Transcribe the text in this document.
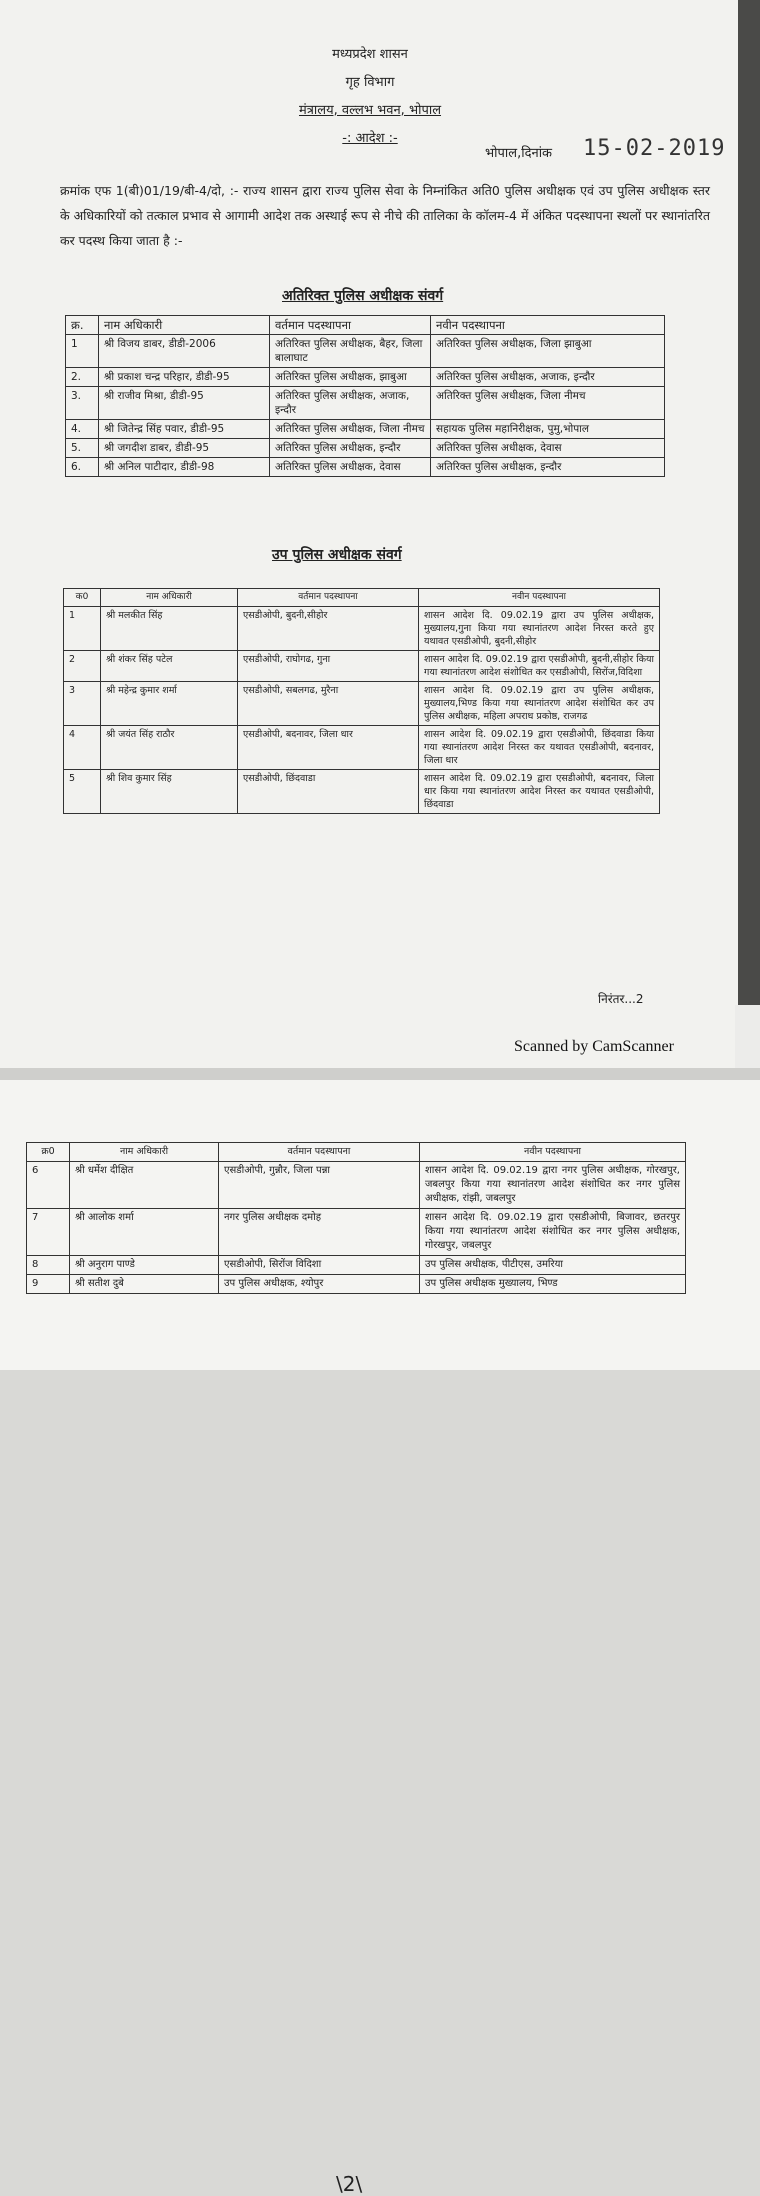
मध्यप्रदेश शासन
गृह विभाग
मंत्रालय, वल्लभ भवन, भोपाल
-: आदेश :-
भोपाल,दिनांक 15-02-2019
क्रमांक एफ 1(बी)01/19/बी-4/दो, :- राज्य शासन द्वारा राज्य पुलिस सेवा के निम्नांकित अति0 पुलिस अधीक्षक एवं उप पुलिस अधीक्षक स्तर के अधिकारियों को तत्काल प्रभाव से आगामी आदेश तक अस्थाई रूप से नीचे की तालिका के कॉलम-4 में अंकित पदस्थापना स्थलों पर स्थानांतरित कर पदस्थ किया जाता है :-
अतिरिक्त पुलिस अधीक्षक संवर्ग
क्र.	नाम अधिकारी	वर्तमान पदस्थापना	नवीन पदस्थापना
1	श्री विजय डाबर, डीडी-2006	अतिरिक्त पुलिस अधीक्षक, बैहर, जिला बालाघाट	अतिरिक्त पुलिस अधीक्षक, जिला झाबुआ
2.	श्री प्रकाश चन्द्र परिहार, डीडी-95	अतिरिक्त पुलिस अधीक्षक, झाबुआ	अतिरिक्त पुलिस अधीक्षक, अजाक, इन्दौर
3.	श्री राजीव मिश्रा, डीडी-95	अतिरिक्त पुलिस अधीक्षक, अजाक, इन्दौर	अतिरिक्त पुलिस अधीक्षक, जिला नीमच
4.	श्री जितेन्द्र सिंह पवार, डीडी-95	अतिरिक्त पुलिस अधीक्षक, जिला नीमच	सहायक पुलिस महानिरीक्षक, पुमु,भोपाल
5.	श्री जगदीश डाबर, डीडी-95	अतिरिक्त पुलिस अधीक्षक, इन्दौर	अतिरिक्त पुलिस अधीक्षक, देवास
6.	श्री अनिल पाटीदार, डीडी-98	अतिरिक्त पुलिस अधीक्षक, देवास	अतिरिक्त पुलिस अधीक्षक, इन्दौर
उप पुलिस अधीक्षक संवर्ग
क0	नाम अधिकारी	वर्तमान पदस्थापना	नवीन पदस्थापना
1	श्री मलकीत सिंह	एसडीओपी, बुदनी,सीहोर	शासन आदेश दि. 09.02.19 द्वारा उप पुलिस अधीक्षक, मुख्यालय,गुना किया गया स्थानांतरण आदेश निरस्त करते हुए यथावत एसडीओपी, बुदनी,सीहोर
2	श्री शंकर सिंह पटेल	एसडीओपी, राघोगढ, गुना	शासन आदेश दि. 09.02.19 द्वारा एसडीओपी, बुदनी,सीहोर किया गया स्थानांतरण आदेश संशोधित कर एसडीओपी, सिरोंज,विदिशा
3	श्री महेन्द्र कुमार शर्मा	एसडीओपी, सबलगढ, मुरैना	शासन आदेश दि. 09.02.19 द्वारा उप पुलिस अधीक्षक, मुख्यालय,भिण्ड किया गया स्थानांतरण आदेश संशोधित कर उप पुलिस अधीक्षक, महिला अपराध प्रकोष्ठ, राजगढ
4	श्री जयंत सिंह राठौर	एसडीओपी, बदनावर, जिला धार	शासन आदेश दि. 09.02.19 द्वारा एसडीओपी, छिंदवाडा किया गया स्थानांतरण आदेश निरस्त कर यथावत एसडीओपी, बदनावर, जिला धार
5	श्री शिव कुमार सिंह	एसडीओपी, छिंदवाडा	शासन आदेश दि. 09.02.19 द्वारा एसडीओपी, बदनावर, जिला धार किया गया स्थानांतरण आदेश निरस्त कर यथावत एसडीओपी, छिंदवाडा
निरंतर...2
Scanned by CamScanner
\2\
क्र0	नाम अधिकारी	वर्तमान पदस्थापना	नवीन पदस्थापना
6	श्री धर्मेश दीक्षित	एसडीओपी, गुन्नौर, जिला पन्ना	शासन आदेश दि. 09.02.19 द्वारा नगर पुलिस अधीक्षक, गोरखपुर, जबलपुर किया गया स्थानांतरण आदेश संशोधित कर नगर पुलिस अधीक्षक, रांझी, जबलपुर
7	श्री आलोक शर्मा	नगर पुलिस अधीक्षक दमोह	शासन आदेश दि. 09.02.19 द्वारा एसडीओपी, बिजावर, छतरपुर किया गया स्थानांतरण आदेश संशोधित कर नगर पुलिस अधीक्षक, गोरखपुर, जबलपुर
8	श्री अनुराग पाण्डे	एसडीओपी, सिरोंज विदिशा	उप पुलिस अधीक्षक, पीटीएस, उमरिया
9	श्री सतीश दुबे	उप पुलिस अधीक्षक, श्योपुर	उप पुलिस अधीक्षक मुख्यालय, भिण्ड
